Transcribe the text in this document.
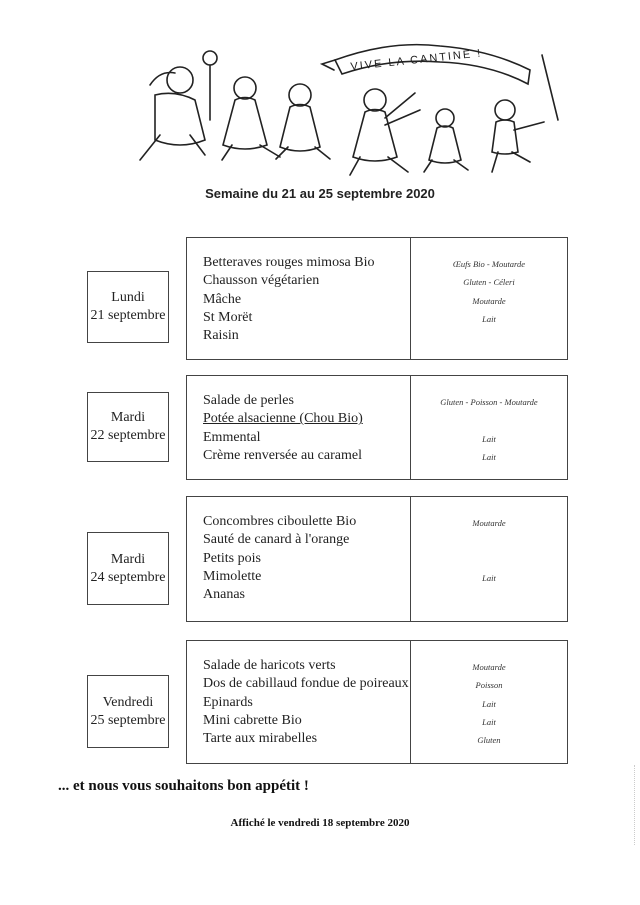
VIVE LA CANTINE !
Semaine du 21 au 25 septembre 2020
Lundi
21 septembre
Betteraves rouges mimosa Bio
Chausson végétarien
Mâche
St Morët
Raisin
Œufs Bio - Moutarde
Gluten - Céleri
Moutarde
Lait
Mardi
22 septembre
Salade de perles
Potée alsacienne (Chou Bio)
Emmental
Crème renversée au caramel
Gluten - Poisson - Moutarde
Lait
Lait
Mardi
24 septembre
Concombres ciboulette Bio
Sauté de canard à l'orange
Petits pois
Mimolette
Ananas
Moutarde
Lait
Vendredi
25 septembre
Salade de haricots verts
Dos de cabillaud fondue de poireaux
Epinards
Mini cabrette Bio
Tarte aux mirabelles
Moutarde
Poisson
Lait
Lait
Gluten
... et nous vous souhaitons bon appétit !
Affiché le vendredi 18 septembre 2020
